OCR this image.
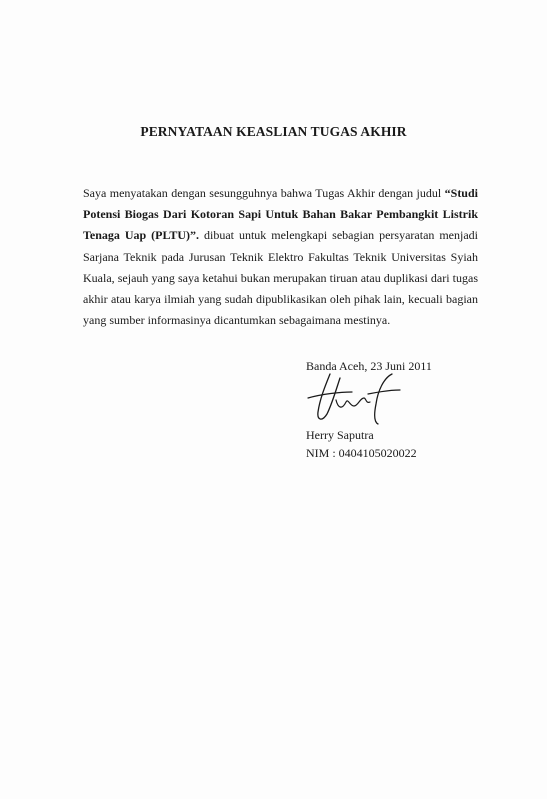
PERNYATAAN KEASLIAN TUGAS AKHIR
Saya menyatakan dengan sesungguhnya bahwa Tugas Akhir dengan judul “Studi Potensi Biogas Dari Kotoran Sapi Untuk Bahan Bakar Pembangkit Listrik Tenaga Uap (PLTU)”. dibuat untuk melengkapi sebagian persyaratan menjadi Sarjana Teknik pada Jurusan Teknik Elektro Fakultas Teknik Universitas Syiah Kuala, sejauh yang saya ketahui bukan merupakan tiruan atau duplikasi dari tugas akhir atau karya ilmiah yang sudah dipublikasikan oleh pihak lain, kecuali bagian yang sumber informasinya dicantumkan sebagaimana mestinya.
Banda Aceh, 23 Juni 2011
Herry Saputra
NIM : 0404105020022
